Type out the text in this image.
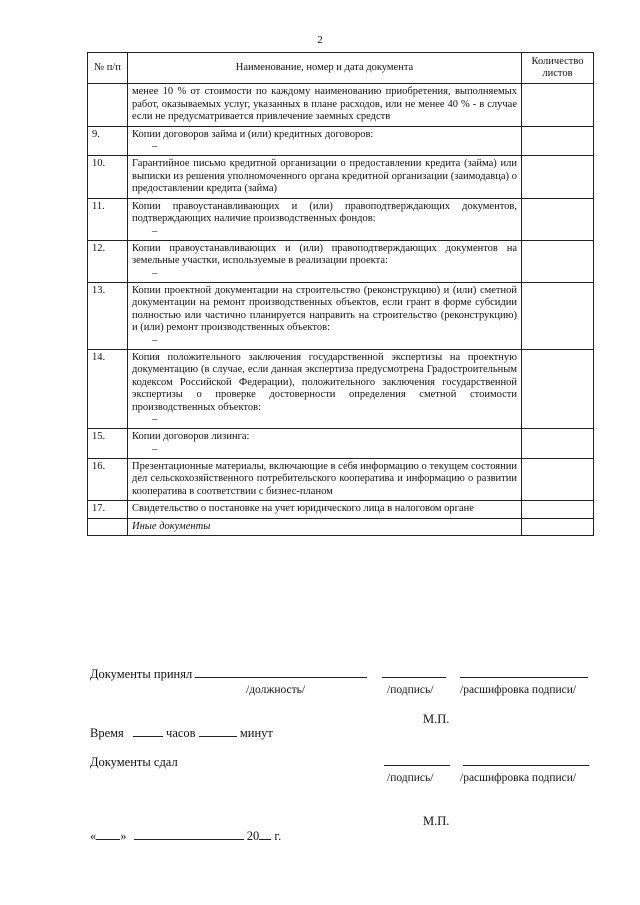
2
№ п/п	Наименование, номер и дата документа	Количество листов
	менее 10 % от стоимости по каждому наименованию приобретения, выполняемых работ, оказываемых услуг, указанных в плане расходов, или не менее 40 % - в случае если не предусматривается привлечение заемных средств	
9.	Копии договоров займа и (или) кредитных договоров:
–	

10.	Гарантийное письмо кредитной организации о предоставлении кредита (займа) или выписки из решения уполномоченного органа кредитной организации (заимодавца) о предоставлении кредита (займа)	
11.	Копии правоустанавливающих и (или) правоподтверждающих документов, подтверждающих наличие производственных фондов:
–	

12.	Копии правоустанавливающих и (или) правоподтверждающих документов на земельные участки, используемые в реализации проекта:
–	

13.	Копии проектной документации на строительство (реконструкцию) и (или) сметной документации на ремонт производственных объектов, если грант в форме субсидии полностью или частично планируется направить на строительство (реконструкцию) и (или) ремонт производственных объектов:
–	

14.	Копия положительного заключения государственной экспертизы на проектную документацию (в случае, если данная экспертиза предусмотрена Градостроительным кодексом Российской Федерации), положительного заключения государственной экспертизы о проверке достоверности определения сметной стоимости производственных объектов:
–	

15.	Копии договоров лизинга:
–	

16.	Презентационные материалы, включающие в себя информацию о текущем состоянии дел сельскохозяйственного потребительского кооператива и информацию о развитии кооператива в соответствии с бизнес-планом	
17.	Свидетельство о постановке на учет юридического лица в налоговом органе	
	Иные документы	
Документы принял
/должность/	/подпись/ /расшифровка подписи/
М.П.
Время	часов	минут
Документы сдал

/подпись/ /расшифровка подписи/
М.П.
« »	20 г.
